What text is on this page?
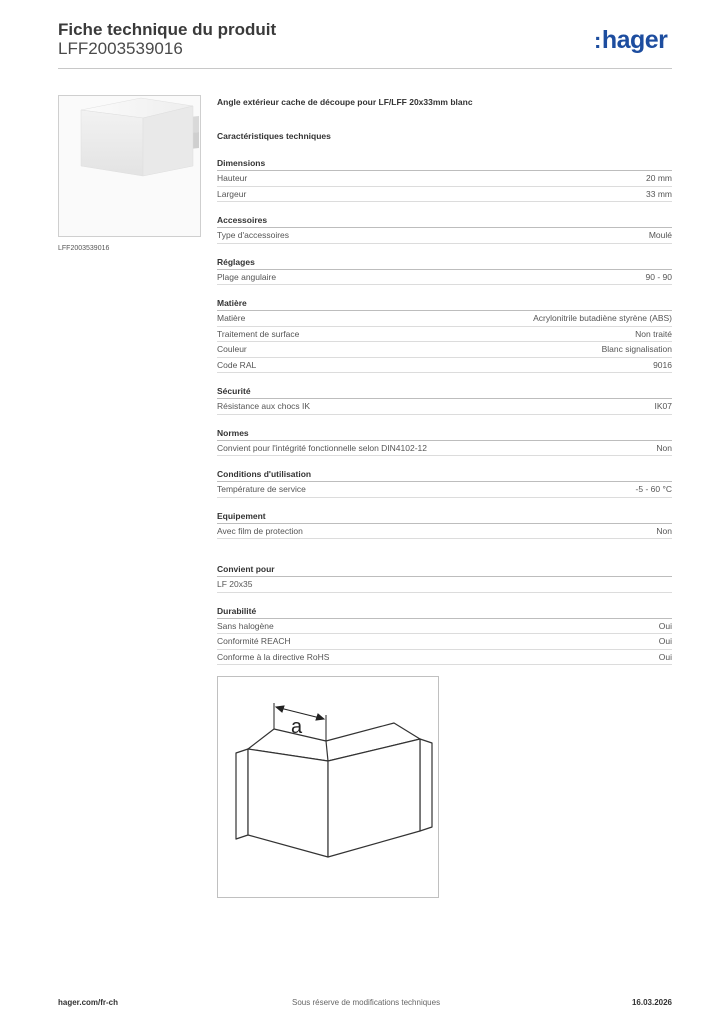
Fiche technique du produit
LFF2003539016	:hager
LFF2003539016
Angle extérieur cache de découpe pour LF/LFF 20x33mm blanc
Caractéristiques techniques
Dimensions
Hauteur	20 mm
Largeur	33 mm
Accessoires
Type d'accessoires	Moulé
Réglages
Plage angulaire	90 - 90
Matière
Matière	Acrylonitrile butadiène styrène (ABS)
Traitement de surface	Non traité
Couleur	Blanc signalisation
Code RAL	9016
Sécurité
Résistance aux chocs IK	IK07
Normes
Convient pour l'intégrité fonctionnelle selon DIN4102-12	Non
Conditions d'utilisation
Température de service	-5 - 60 °C
Equipement
Avec film de protection	Non
Convient pour
LF 20x35
Durabilité
Sans halogène	Oui
Conformité REACH	Oui
Conforme à la directive RoHS	Oui
a
hager.com/fr-ch	Sous réserve de modifications techniques	16.03.2026
